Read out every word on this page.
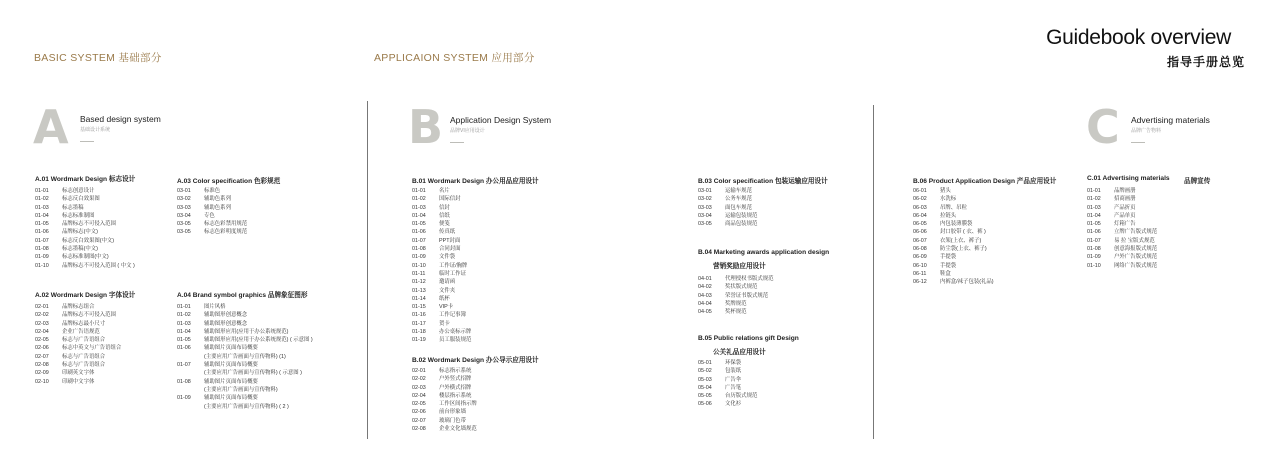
BASIC SYSTEM 基础部分	APPLICAION SYSTEM 应用部分
Guidebook overview
指导手册总览
A Based design system
基础设计系统	B Application Design System
品牌VI应用设计	C Advertising materials
品牌广告物料
A.01 Wordmark Design 标志设计
01-01	标志创意设计
01-02	标志反白效果图
01-03	标志墨稿
01-04	标志标准制图
01-05	品牌标志不可侵入范围
01-06	品牌标志(中文)
01-07	标志反白效果图(中文)
01-08	标志墨稿(中文)
01-09	标志标准制图(中文)
01-10	品牌标志不可侵入范围 ( 中文 )
A.02 Wordmark Design 字体设计
02-01	品牌标志组合
02-02	品牌标志不可侵入范围
02-03	品牌标志最小尺寸
02-04	企业广告语规范
02-05	标志与广告语组合
02-06	标志中英文与广告语组合
02-07	标志与广告语组合
02-08	标志与广告语组合
02-09	印刷英文字体
02-10	印刷中文字体
A.03 Color specification 色彩规范
03-01	标准色
03-02	辅助色系列
03-03	辅助色系列
03-04	专色
03-05	标志色彩禁用规范
03-05	标志色彩明度规范
A.04 Brand symbol graphics 品牌象征图形
01-01	图片风格
01-02	辅助图形创意概念
01-03	辅助图形创意概念
01-04	辅助图形应用(应用于办公系统规范)
01-05	辅助图形应用(应用于办公系统规范) ( 示意图 )
01-06	辅助图片页面布局概要
(主要应用广告画面与宣传物料) (1)
01-07	辅助图片页面布局概要
(主要应用广告画面与宣传物料) ( 示意图 )
01-08	辅助图片页面布局概要
(主要应用广告画面与宣传物料)
01-09	辅助图片页面布局概要
(主要应用广告画面与宣传物料) ( 2 )
B.01 Wordmark Design 办公用品应用设计
01-01	名片
01-02	国际信封
01-03	信封
01-04	信纸
01-05	便笺
01-06	传真纸
01-07	PPT封面
01-08	合同封面
01-09	文件袋
01-10	工作证/胸牌
01-11	临时工作证
01-12	邀请函
01-13	文件夹
01-14	纸杯
01-15	VIP卡
01-16	工作记事簿
01-17	贺卡
01-18	办公桌标示牌
01-19	员工服装规范
B.02 Wordmark Design 办公导示应用设计
02-01	标志指示系统
02-02	户外竖式招牌
02-03	户外横式招牌
02-04	楼层指示系统
02-05	工作区间指示牌
02-06	前台形象墙
02-07	玻璃门色带
02-08	企业文化墙规范
B.03 Color specification 包装运输应用设计
03-01	运输车规范
03-02	公务车规范
03-03	面包车规范
03-04	运输包装规范
03-05	商品包装规范
B.04 Marketing awards application design
营销奖励应用设计
04-01	代理授权书版式规范
04-02	奖状版式规范
04-03	荣誉证书版式规范
04-04	奖牌规范
04-05	奖杯规范
B.05 Public relations gift Design
公关礼品应用设计
05-01	环保袋
05-02	包装纸
05-03	广告伞
05-04	广告笔
05-05	台历版式规范
05-06	文化衫
B.06 Product Application Design 产品应用设计
06-01	猪头
06-02	水洗标
06-03	吊牌、吊粒
06-04	拉链头
06-05	内包装薄膜袋
06-06	封口胶带 ( 衣、裤 )
06-07	衣架(上衣、裤子)
06-08	防尘袋(上衣、裤子)
06-09	手提袋
06-10	手提袋
06-11	鞋盒
06-12	内裤盒/袜子包装(礼品)
C.01 Advertising materials 品牌宣传
01-01	品牌画册
01-02	招商画册
01-03	产品折页
01-04	产品单页
01-05	灯箱广告
01-06	立牌广告版式规范
01-07	易 拉 宝版式规范
01-08	创意海报版式规范
01-09	户外广告版式规范
01-10	网络广告版式规范
